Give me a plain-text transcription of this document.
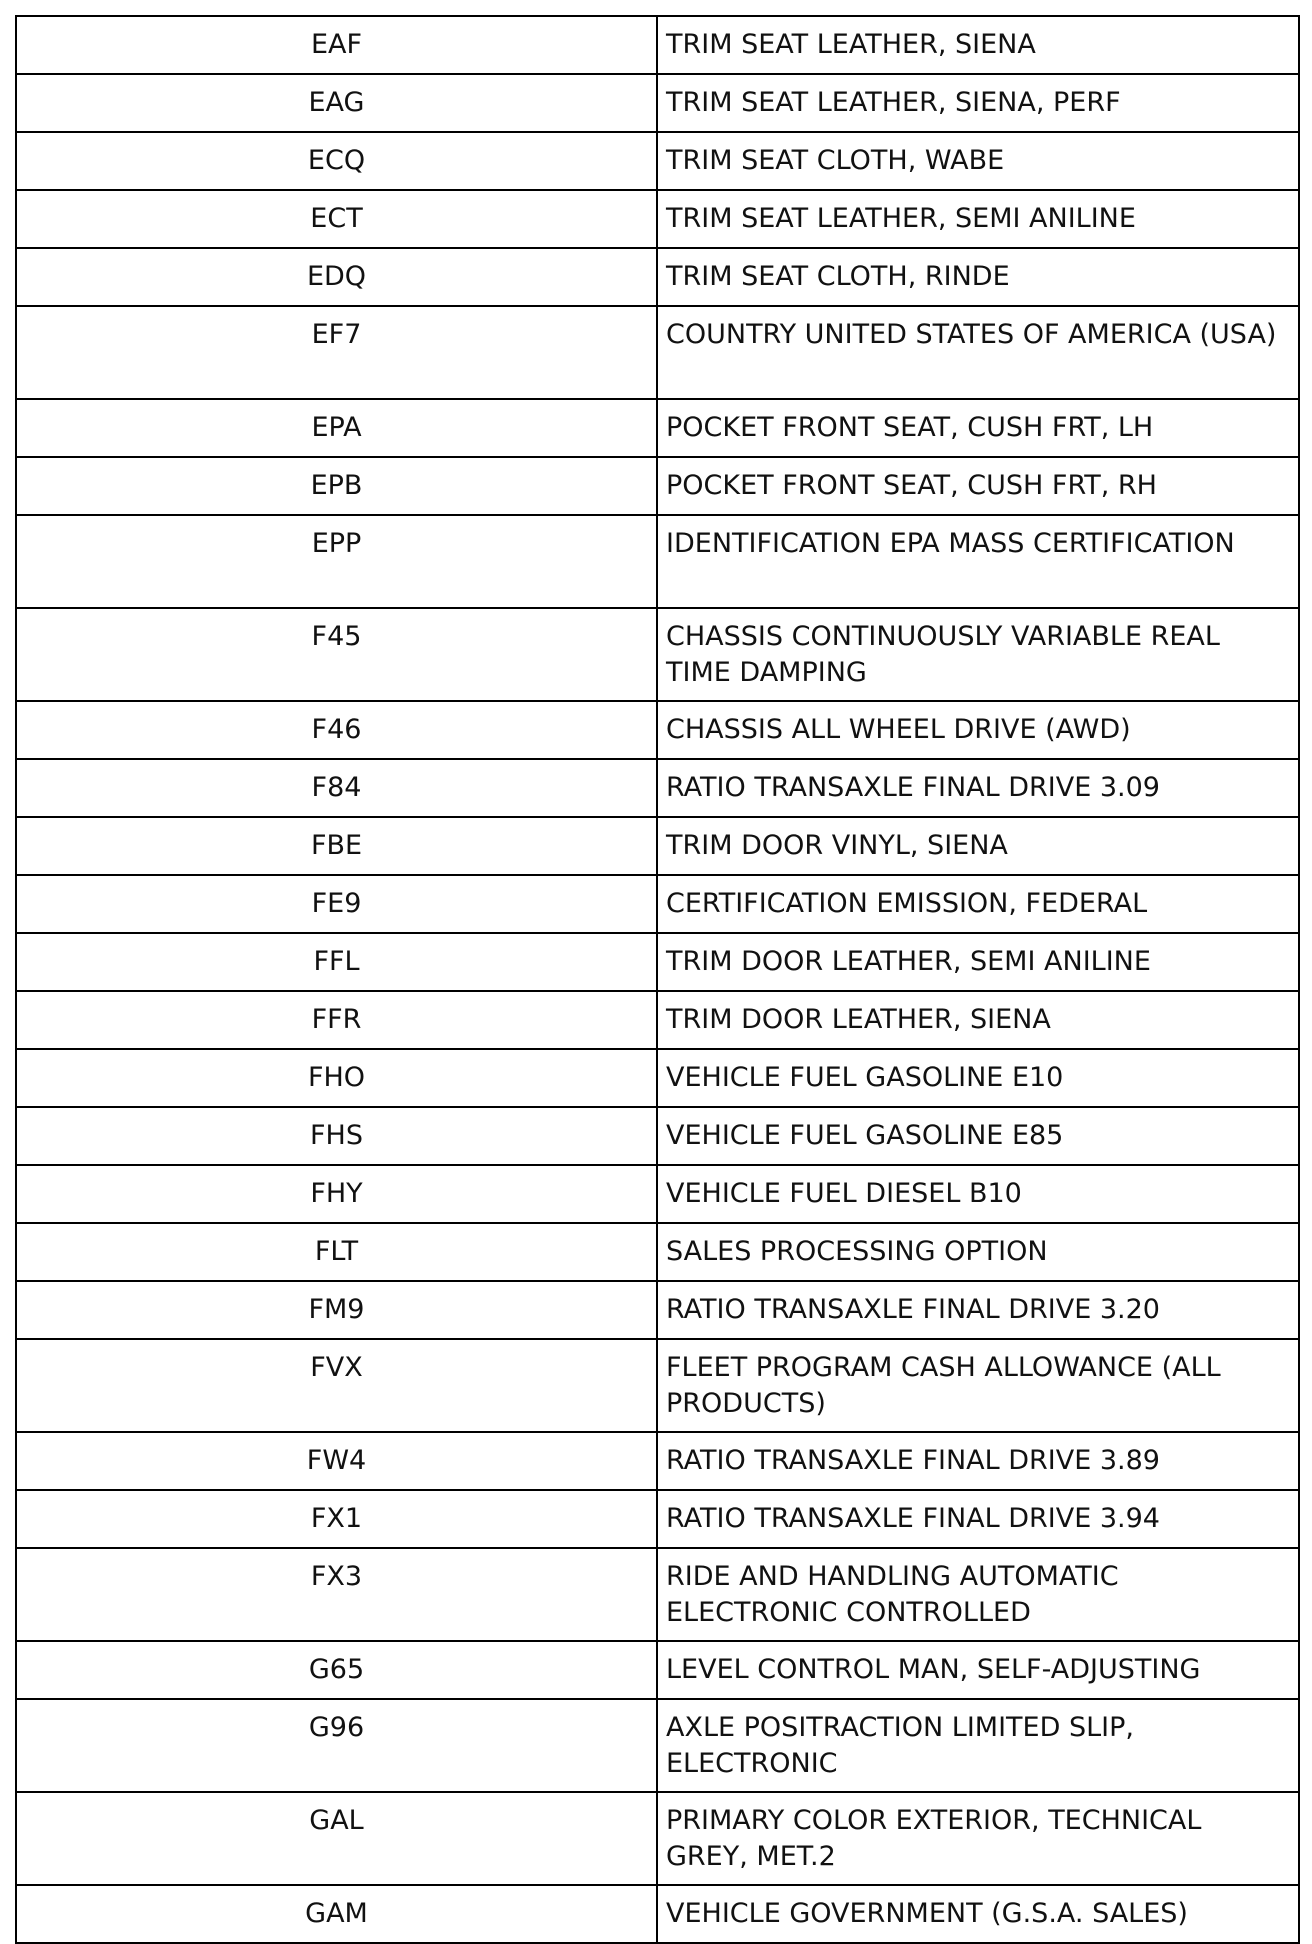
EAF	TRIM SEAT LEATHER, SIENA
EAG	TRIM SEAT LEATHER, SIENA, PERF
ECQ	TRIM SEAT CLOTH, WABE
ECT	TRIM SEAT LEATHER, SEMI ANILINE
EDQ	TRIM SEAT CLOTH, RINDE
EF7	COUNTRY UNITED STATES OF AMERICA (USA)
EPA	POCKET FRONT SEAT, CUSH FRT, LH
EPB	POCKET FRONT SEAT, CUSH FRT, RH
EPP	IDENTIFICATION EPA MASS CERTIFICATION
F45	CHASSIS CONTINUOUSLY VARIABLE REAL TIME DAMPING
F46	CHASSIS ALL WHEEL DRIVE (AWD)
F84	RATIO TRANSAXLE FINAL DRIVE 3.09
FBE	TRIM DOOR VINYL, SIENA
FE9	CERTIFICATION EMISSION, FEDERAL
FFL	TRIM DOOR LEATHER, SEMI ANILINE
FFR	TRIM DOOR LEATHER, SIENA
FHO	VEHICLE FUEL GASOLINE E10
FHS	VEHICLE FUEL GASOLINE E85
FHY	VEHICLE FUEL DIESEL B10
FLT	SALES PROCESSING OPTION
FM9	RATIO TRANSAXLE FINAL DRIVE 3.20
FVX	FLEET PROGRAM CASH ALLOWANCE (ALL PRODUCTS)
FW4	RATIO TRANSAXLE FINAL DRIVE 3.89
FX1	RATIO TRANSAXLE FINAL DRIVE 3.94
FX3	RIDE AND HANDLING AUTOMATIC ELECTRONIC CONTROLLED
G65	LEVEL CONTROL MAN, SELF-ADJUSTING
G96	AXLE POSITRACTION LIMITED SLIP, ELECTRONIC
GAL	PRIMARY COLOR EXTERIOR, TECHNICAL GREY, MET.2
GAM	VEHICLE GOVERNMENT (G.S.A. SALES)
